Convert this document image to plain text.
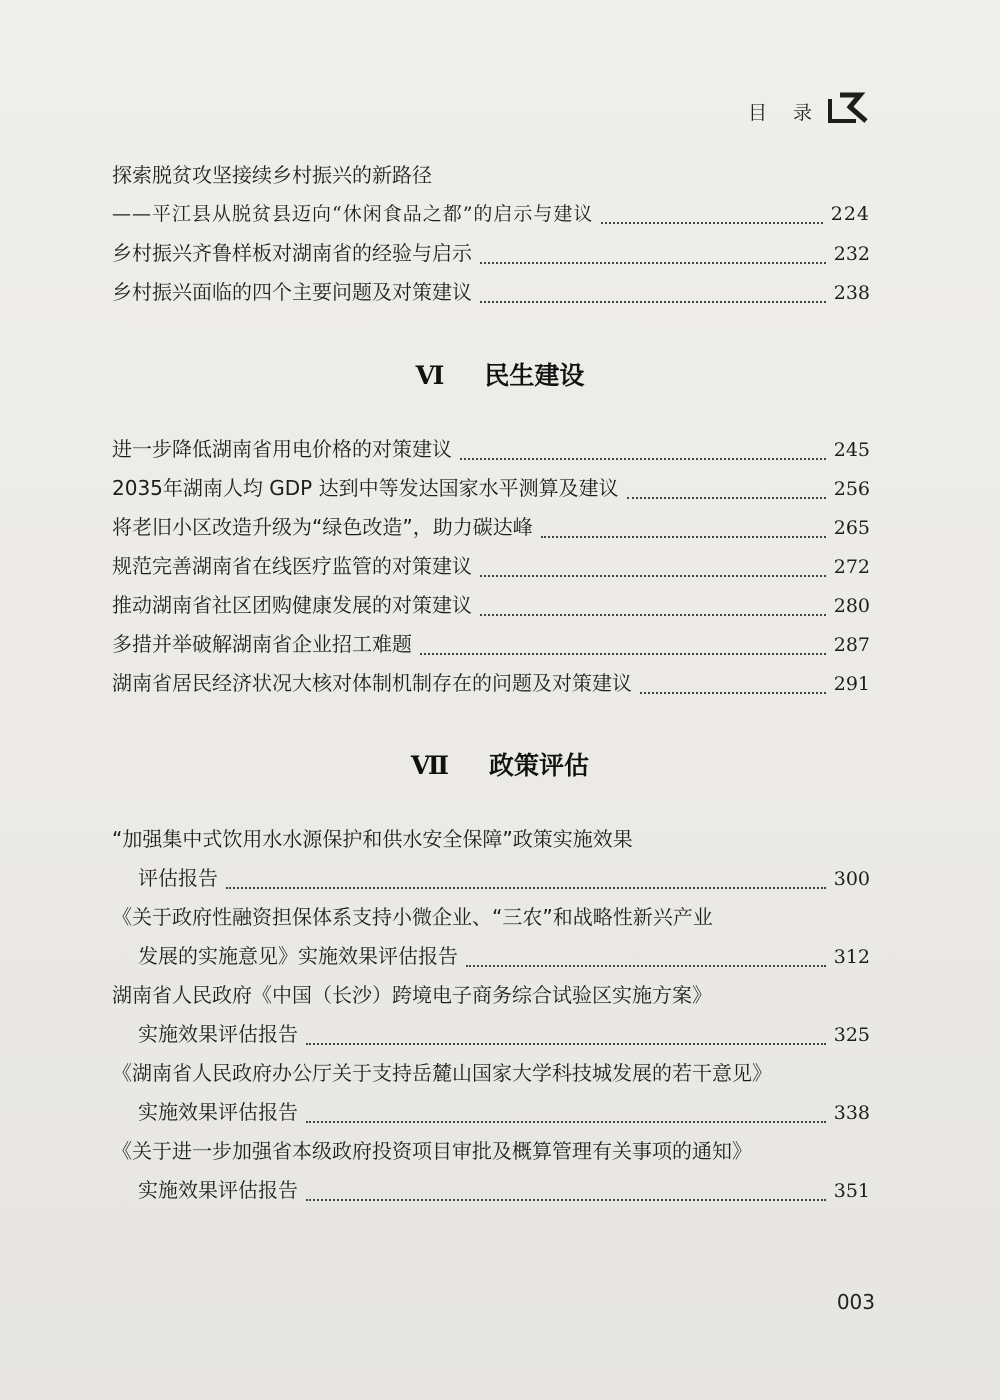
目 录
探索脱贫攻坚接续乡村振兴的新路径
——平江县从脱贫县迈向“休闲食品之都”的启示与建议	224
乡村振兴齐鲁样板对湖南省的经验与启示	232
乡村振兴面临的四个主要问题及对策建议	238
Ⅵ 民生建设
进一步降低湖南省用电价格的对策建议	245
2035年湖南人均 GDP 达到中等发达国家水平测算及建议	256
将老旧小区改造升级为“绿色改造”，助力碳达峰	265
规范完善湖南省在线医疗监管的对策建议	272
推动湖南省社区团购健康发展的对策建议	280
多措并举破解湖南省企业招工难题	287
湖南省居民经济状况大核对体制机制存在的问题及对策建议	291
Ⅶ 政策评估
“加强集中式饮用水水源保护和供水安全保障”政策实施效果
评估报告	300
《关于政府性融资担保体系支持小微企业、“三农”和战略性新兴产业
发展的实施意见》实施效果评估报告	312
湖南省人民政府《中国（长沙）跨境电子商务综合试验区实施方案》
实施效果评估报告	325
《湖南省人民政府办公厅关于支持岳麓山国家大学科技城发展的若干意见》
实施效果评估报告	338
《关于进一步加强省本级政府投资项目审批及概算管理有关事项的通知》
实施效果评估报告	351
003
